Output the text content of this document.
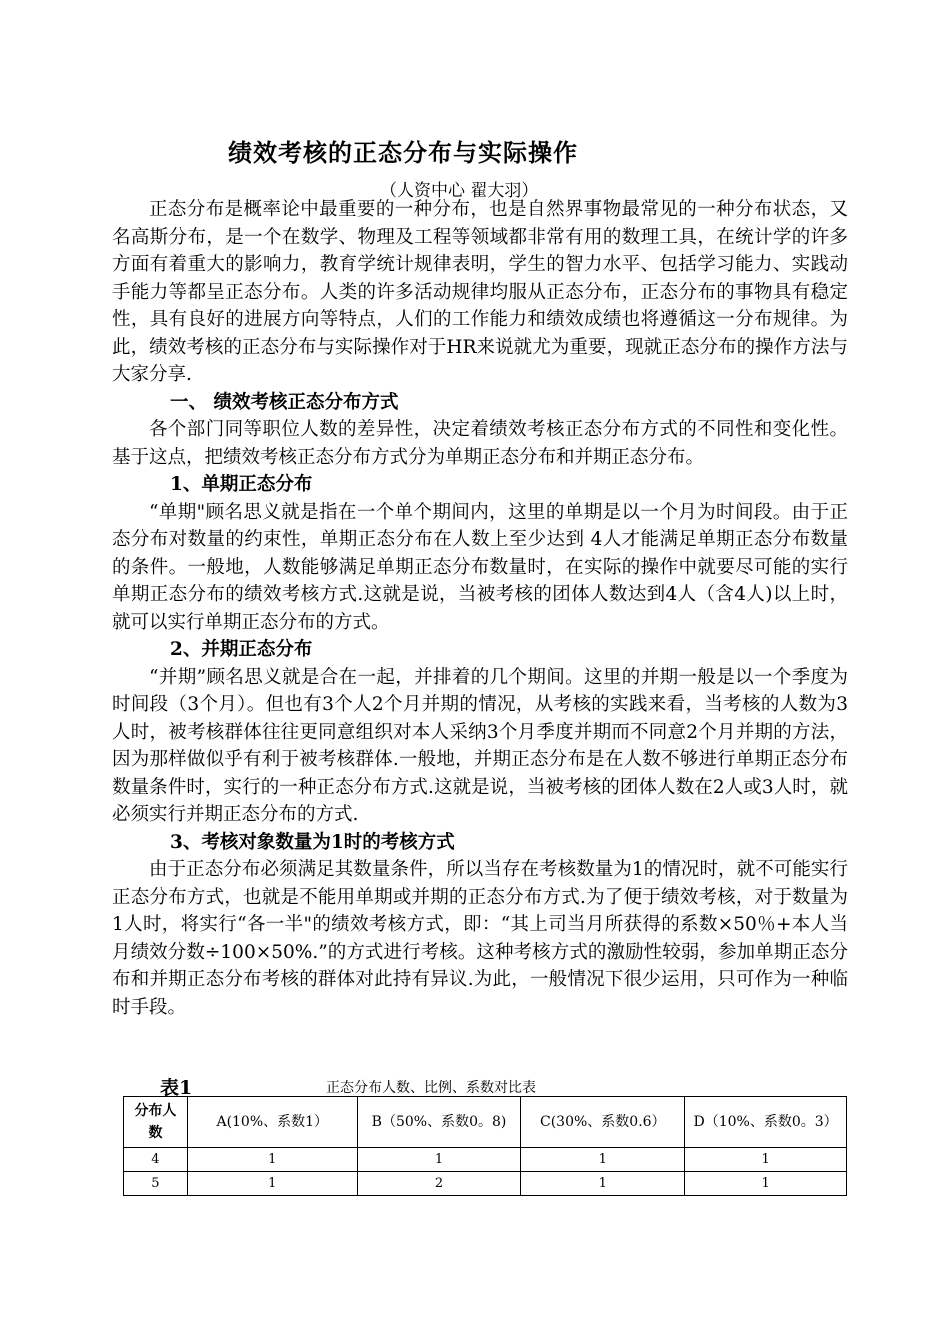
绩效考核的正态分布与实际操作
（人资中心 翟大羽）

正态分布是概率论中最重要的一种分布，也是自然界事物最常见的一种分布状态，又名高斯分布，是一个在数学、物理及工程等领域都非常有用的数理工具，在统计学的许多方面有着重大的影响力，教育学统计规律表明，学生的智力水平、包括学习能力、实践动手能力等都呈正态分布。人类的许多活动规律均服从正态分布，正态分布的事物具有稳定性，具有良好的进展方向等特点，人们的工作能力和绩效成绩也将遵循这一分布规律。为此，绩效考核的正态分布与实际操作对于HR来说就尤为重要，现就正态分布的操作方法与大家分享.

一、 绩效考核正态分布方式

各个部门同等职位人数的差异性，决定着绩效考核正态分布方式的不同性和变化性。基于这点，把绩效考核正态分布方式分为单期正态分布和并期正态分布。

1、单期正态分布

“单期"顾名思义就是指在一个单个期间内，这里的单期是以一个月为时间段。由于正态分布对数量的约束性，单期正态分布在人数上至少达到 4人才能满足单期正态分布数量的条件。一般地，人数能够满足单期正态分布数量时，在实际的操作中就要尽可能的实行单期正态分布的绩效考核方式.这就是说，当被考核的团体人数达到4人（含4人)以上时，就可以实行单期正态分布的方式。

2、并期正态分布

“并期”顾名思义就是合在一起，并排着的几个期间。这里的并期一般是以一个季度为时间段（3个月）。但也有3个人2个月并期的情况，从考核的实践来看，当考核的人数为3人时，被考核群体往往更同意组织对本人采纳3个月季度并期而不同意2个月并期的方法，因为那样做似乎有利于被考核群体.一般地，并期正态分布是在人数不够进行单期正态分布数量条件时，实行的一种正态分布方式.这就是说，当被考核的团体人数在2人或3人时，就必须实行并期正态分布的方式.

3、考核对象数量为1时的考核方式

由于正态分布必须满足其数量条件，所以当存在考核数量为1的情况时，就不可能实行正态分布方式，也就是不能用单期或并期的正态分布方式.为了便于绩效考核，对于数量为1人时，将实行“各一半"的绩效考核方式，即：“其上司当月所获得的系数×50％+本人当月绩效分数÷100×50%.”的方式进行考核。这种考核方式的激励性较弱，参加单期正态分布和并期正态分布考核的群体对此持有异议.为此，一般情况下很少运用，只可作为一种临时手段。

表1	正态分布人数、比例、系数对比表
分布人数	A(10%、系数1）	B（50%、系数0。8)	C(30%、系数0.6）	D（10%、系数0。3）
4	1	1	1	1
5	1	2	1	1
